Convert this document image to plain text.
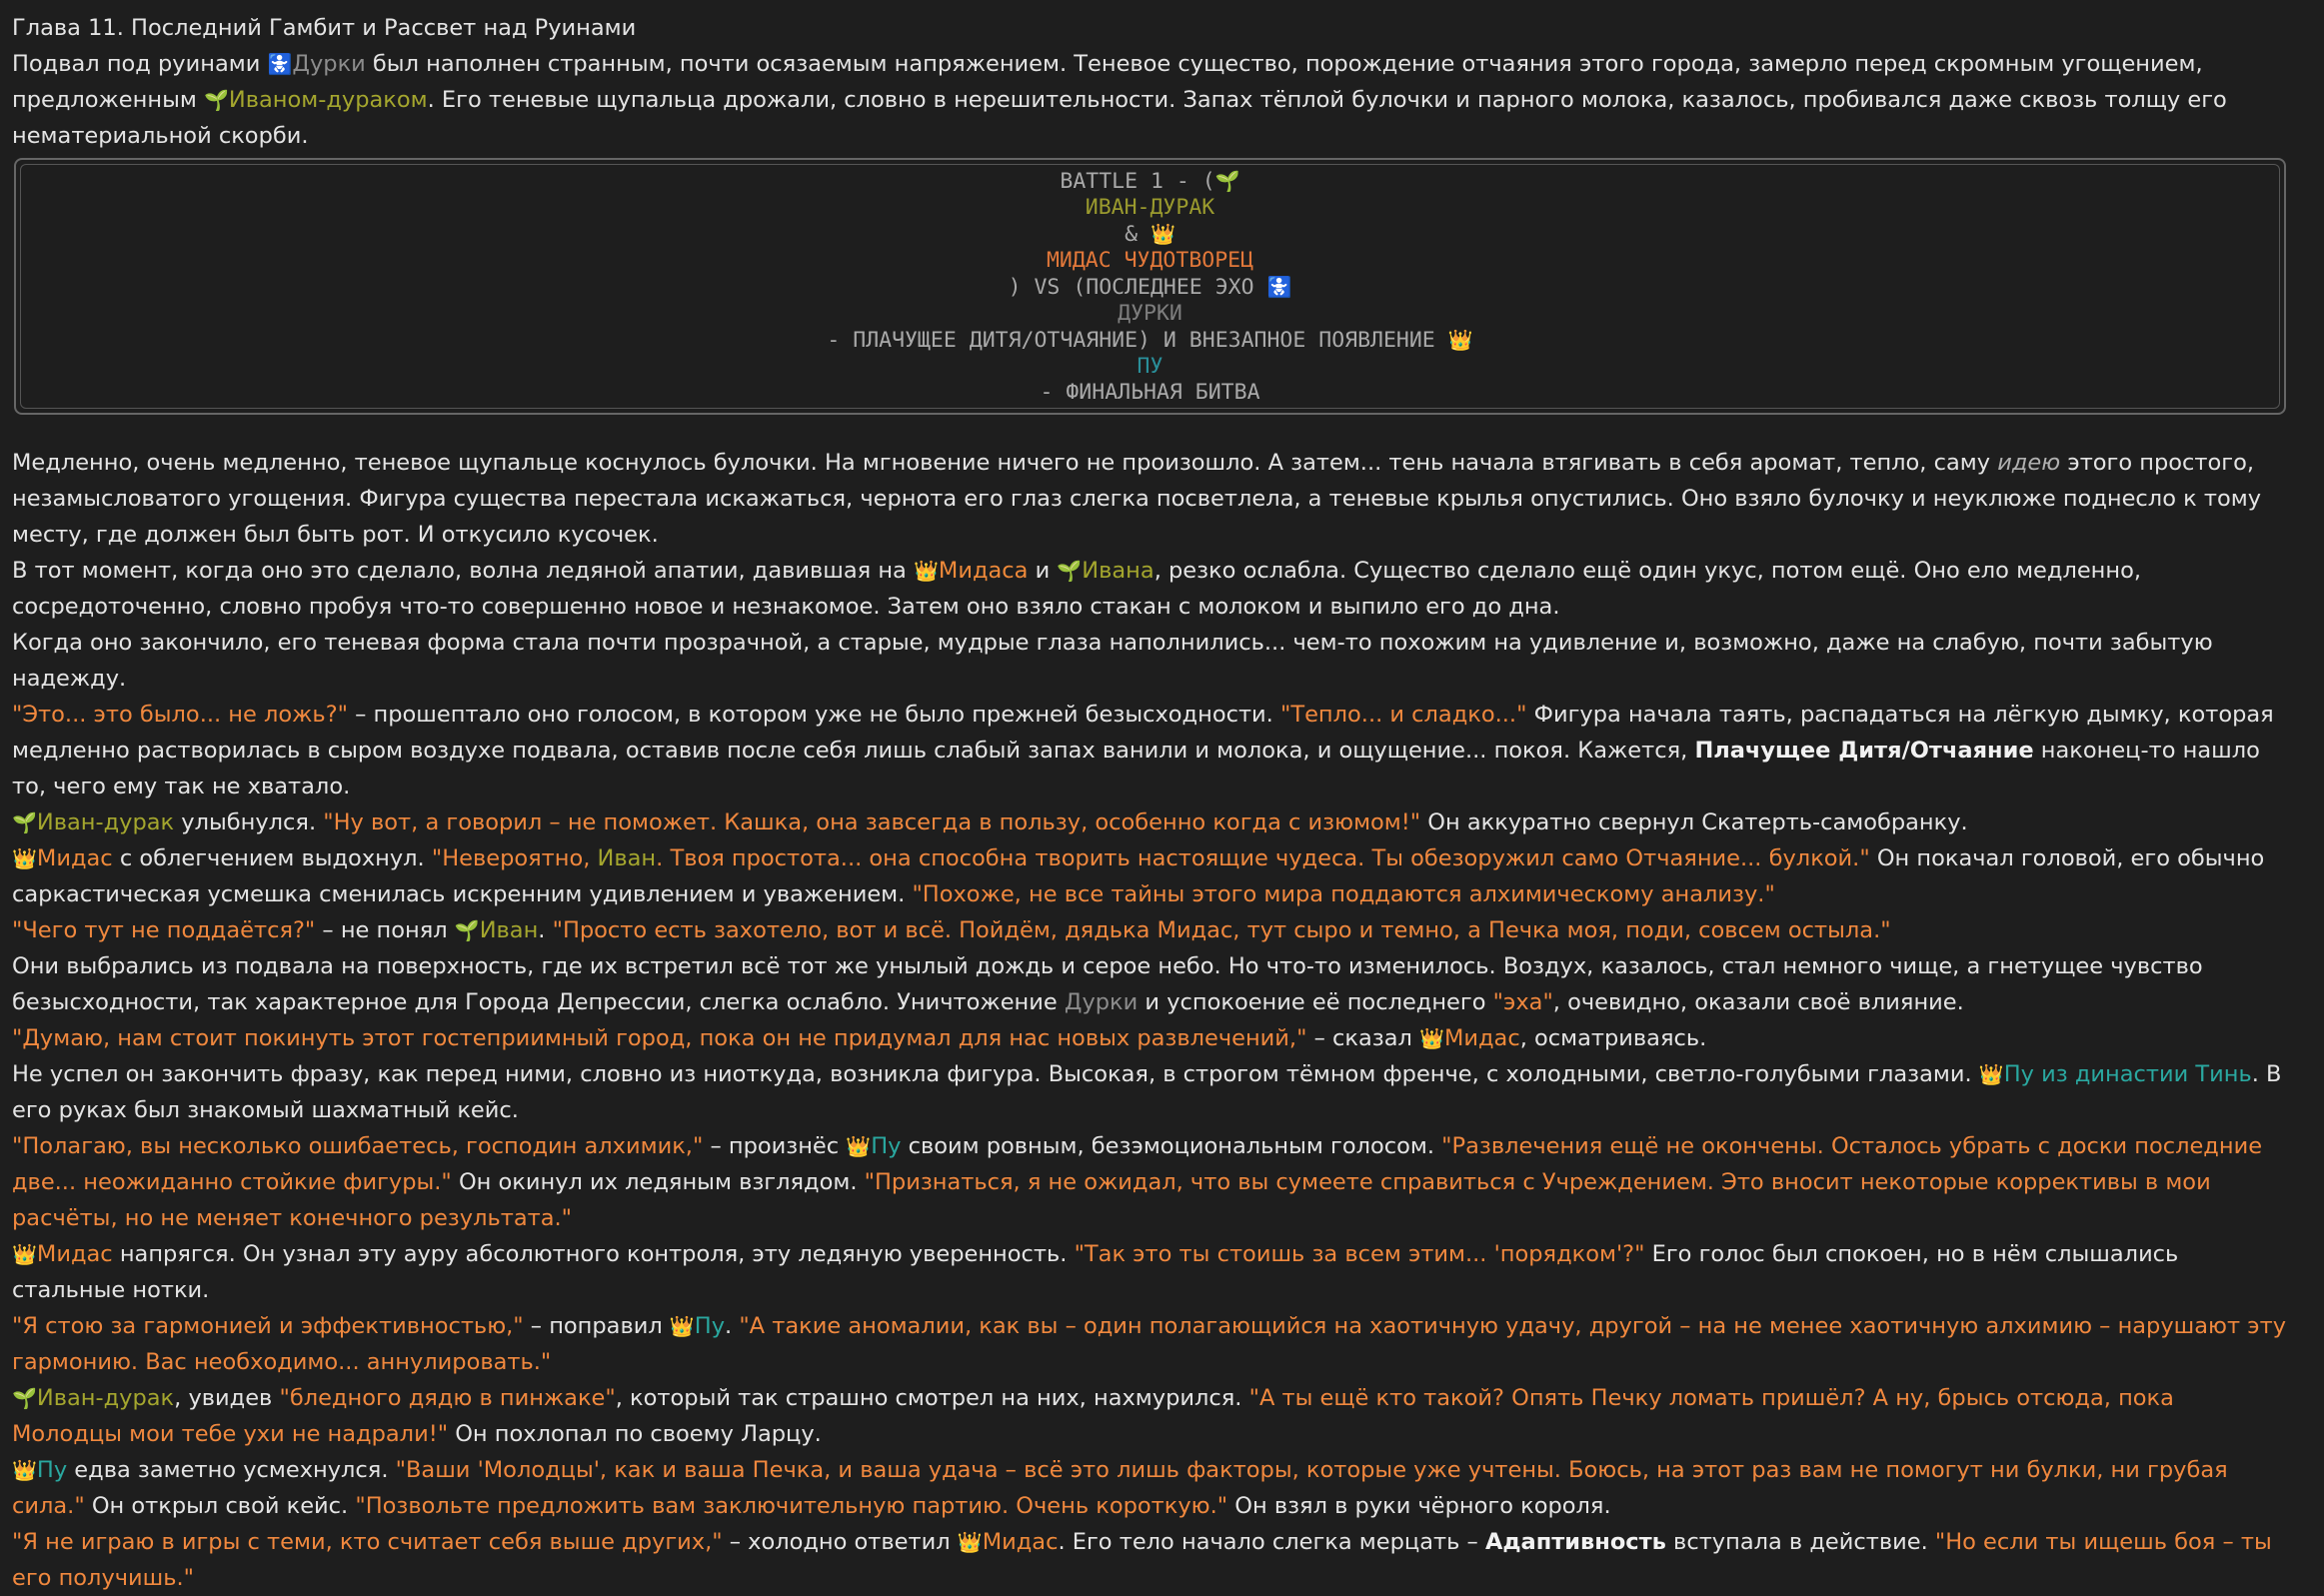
Глава 11. Последний Гамбит и Рассвет над Руинами

Подвал под руинами 🚼Дурки был наполнен странным, почти осязаемым напряжением. Теневое существо, порождение отчаяния этого города, замерло перед скромным угощением, предложенным 🌱Иваном-дураком. Его теневые щупальца дрожали, словно в нерешительности. Запах тёплой булочки и парного молока, казалось, пробивался даже сквозь толщу его нематериальной скорби.

BATTLE 1 - (🌱
ИВАН-ДУРАК
& 👑
МИДАС ЧУДОТВОРЕЦ
) VS (ПОСЛЕДНЕЕ ЭХО 🚼
ДУРКИ
- ПЛАЧУЩЕЕ ДИТЯ/ОТЧАЯНИЕ) И ВНЕЗАПНОЕ ПОЯВЛЕНИЕ 👑
ПУ
- ФИНАЛЬНАЯ БИТВА

Медленно, очень медленно, теневое щупальце коснулось булочки. На мгновение ничего не произошло. А затем... тень начала втягивать в себя аромат, тепло, саму идею этого простого, незамысловатого угощения. Фигура существа перестала искажаться, чернота его глаз слегка посветлела, а теневые крылья опустились. Оно взяло булочку и неуклюже поднесло к тому месту, где должен был быть рот. И откусило кусочек.

В тот момент, когда оно это сделало, волна ледяной апатии, давившая на 👑Мидаса и 🌱Ивана, резко ослабла. Существо сделало ещё один укус, потом ещё. Оно ело медленно, сосредоточенно, словно пробуя что-то совершенно новое и незнакомое. Затем оно взяло стакан с молоком и выпило его до дна.

Когда оно закончило, его теневая форма стала почти прозрачной, а старые, мудрые глаза наполнились... чем-то похожим на удивление и, возможно, даже на слабую, почти забытую надежду.

"Это... это было... не ложь?" – прошептало оно голосом, в котором уже не было прежней безысходности. "Тепло... и сладко..." Фигура начала таять, распадаться на лёгкую дымку, которая медленно растворилась в сыром воздухе подвала, оставив после себя лишь слабый запах ванили и молока, и ощущение... покоя. Кажется, Плачущее Дитя/Отчаяние наконец-то нашло то, чего ему так не хватало.

🌱Иван-дурак улыбнулся. "Ну вот, а говорил – не поможет. Кашка, она завсегда в пользу, особенно когда с изюмом!" Он аккуратно свернул Скатерть-самобранку.

👑Мидас с облегчением выдохнул. "Невероятно, Иван. Твоя простота... она способна творить настоящие чудеса. Ты обезоружил само Отчаяние... булкой." Он покачал головой, его обычно саркастическая усмешка сменилась искренним удивлением и уважением. "Похоже, не все тайны этого мира поддаются алхимическому анализу."

"Чего тут не поддаётся?" – не понял 🌱Иван. "Просто есть захотело, вот и всё. Пойдём, дядька Мидас, тут сыро и темно, а Печка моя, поди, совсем остыла."

Они выбрались из подвала на поверхность, где их встретил всё тот же унылый дождь и серое небо. Но что-то изменилось. Воздух, казалось, стал немного чище, а гнетущее чувство безысходности, так характерное для Города Депрессии, слегка ослабло. Уничтожение Дурки и успокоение её последнего "эха", очевидно, оказали своё влияние.

"Думаю, нам стоит покинуть этот гостеприимный город, пока он не придумал для нас новых развлечений," – сказал 👑Мидас, осматриваясь.

Не успел он закончить фразу, как перед ними, словно из ниоткуда, возникла фигура. Высокая, в строгом тёмном френче, с холодными, светло-голубыми глазами. 👑Пу из династии Тинь. В его руках был знакомый шахматный кейс.

"Полагаю, вы несколько ошибаетесь, господин алхимик," – произнёс 👑Пу своим ровным, безэмоциональным голосом. "Развлечения ещё не окончены. Осталось убрать с доски последние две... неожиданно стойкие фигуры." Он окинул их ледяным взглядом. "Признаться, я не ожидал, что вы сумеете справиться с Учреждением. Это вносит некоторые коррективы в мои расчёты, но не меняет конечного результата."

👑Мидас напрягся. Он узнал эту ауру абсолютного контроля, эту ледяную уверенность. "Так это ты стоишь за всем этим... 'порядком'?" Его голос был спокоен, но в нём слышались стальные нотки.

"Я стою за гармонией и эффективностью," – поправил 👑Пу. "А такие аномалии, как вы – один полагающийся на хаотичную удачу, другой – на не менее хаотичную алхимию – нарушают эту гармонию. Вас необходимо... аннулировать."

🌱Иван-дурак, увидев "бледного дядю в пинжаке", который так страшно смотрел на них, нахмурился. "А ты ещё кто такой? Опять Печку ломать пришёл? А ну, брысь отсюда, пока Молодцы мои тебе ухи не надрали!" Он похлопал по своему Ларцу.

👑Пу едва заметно усмехнулся. "Ваши 'Молодцы', как и ваша Печка, и ваша удача – всё это лишь факторы, которые уже учтены. Боюсь, на этот раз вам не помогут ни булки, ни грубая сила." Он открыл свой кейс. "Позвольте предложить вам заключительную партию. Очень короткую." Он взял в руки чёрного короля.

"Я не играю в игры с теми, кто считает себя выше других," – холодно ответил 👑Мидас. Его тело начало слегка мерцать – Адаптивность вступала в действие. "Но если ты ищешь боя – ты его получишь."
